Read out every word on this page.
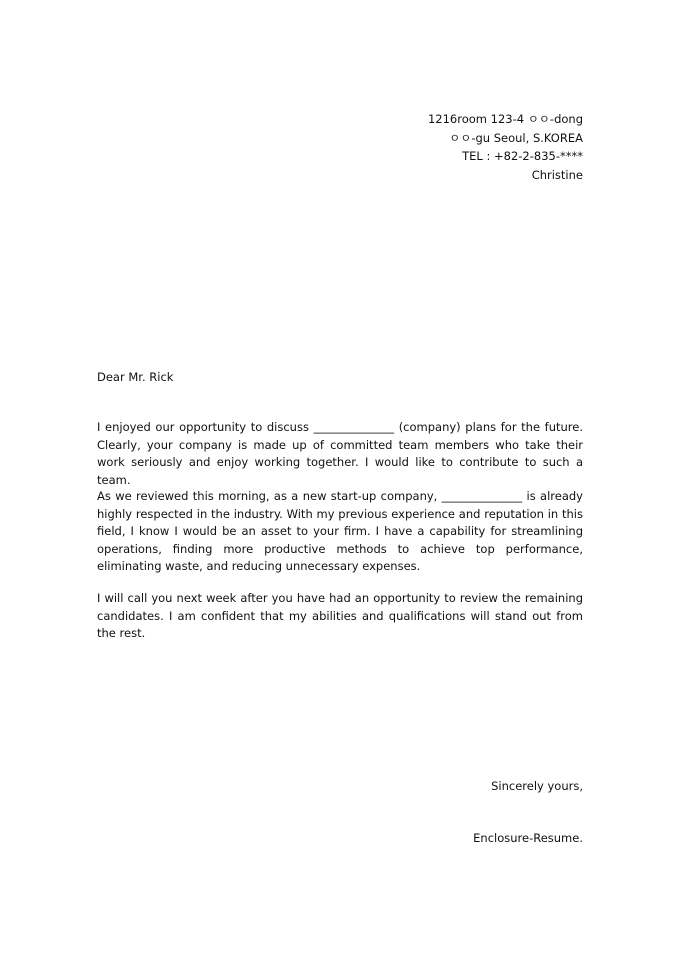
1216room 123-4 ㅇㅇ-dong
ㅇㅇ-gu Seoul, S.KOREA
TEL : +82-2-835-****
Christine
Dear Mr. Rick

I enjoyed our opportunity to discuss ______________ (company) plans for the future. Clearly, your company is made up of committed team members who take their work seriously and enjoy working together. I would like to contribute to such a team.

As we reviewed this morning, as a new start-up company, ______________ is already highly respected in the industry. With my previous experience and reputation in this field, I know I would be an asset to your firm. I have a capability for streamlining operations, finding more productive methods to achieve top performance, eliminating waste, and reducing unnecessary expenses.

I will call you next week after you have had an opportunity to review the remaining candidates. I am confident that my abilities and qualifications will stand out from the rest.

Sincerely yours,
Enclosure-Resume.
